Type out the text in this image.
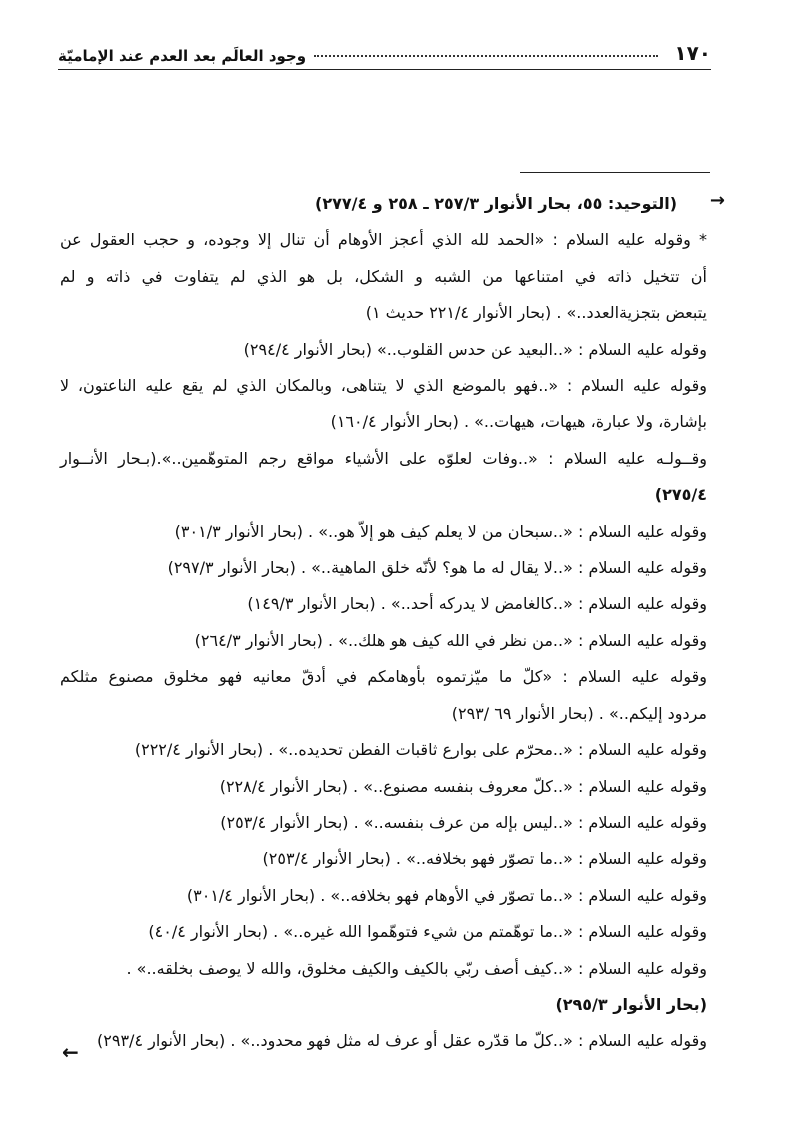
١٧٠
وجود العالَم بعد العدم عند الإماميّة
→
(التوحيد: ٥٥، بحار الأنوار ٢٥٧/٣ ـ ٢٥٨ و ٢٧٧/٤)
* وقوله عليه السلام : «الحمد لله الذي أعجز الأوهام أن تنال إلا وجوده، و حجب العقول عن
أن تتخيل ذاته في امتناعها من الشبه و الشكل، بل هو الذي لم يتفاوت في ذاته و لم
يتبعض بتجزيةالعدد..» . (بحار الأنوار ٢٢١/٤ حديث ١)
وقوله عليه السلام : «..البعيد عن حدس القلوب..» (بحار الأنوار ٢٩٤/٤)
وقوله عليه السلام : «..فهو بالموضع الذي لا يتناهى، وبالمكان الذي لم يقع عليه الناعتون، لا
بإشارة، ولا عبارة، هيهات، هيهات..» . (بحار الأنوار ١٦٠/٤)
وقــولـه عليه السلام : «..وفات لعلوّه على الأشياء مواقع رجم المتوهّمين..».(بـحار الأنــوار
٢٧٥/٤)
وقوله عليه السلام : «..سبحان من لا يعلم كيف هو إلاّ هو..» . (بحار الأنوار ٣٠١/٣)
وقوله عليه السلام : «..لا يقال له ما هو؟ لأنّه خلق الماهية..» . (بحار الأنوار ٢٩٧/٣)
وقوله عليه السلام : «..كالغامض لا يدركه أحد..» . (بحار الأنوار ١٤٩/٣)
وقوله عليه السلام : «..من نظر في الله كيف هو هلك..» . (بحار الأنوار ٢٦٤/٣)
وقوله عليه السلام : «كلّ ما ميّزتموه بأوهامكم في أدقّ معانيه فهو مخلوق مصنوع مثلكم
مردود إليكم..» . (بحار الأنوار ٦٩ /٢٩٣)
وقوله عليه السلام : «..محرّم على بوارع ثاقبات الفطن تحديده..» . (بحار الأنوار ٢٢٢/٤)
وقوله عليه السلام : «..كلّ معروف بنفسه مصنوع..» . (بحار الأنوار ٢٢٨/٤)
وقوله عليه السلام : «..ليس بإله من عرف بنفسه..» . (بحار الأنوار ٢٥٣/٤)
وقوله عليه السلام : «..ما تصوّر فهو بخلافه..» . (بحار الأنوار ٢٥٣/٤)
وقوله عليه السلام : «..ما تصوّر في الأوهام فهو بخلافه..» . (بحار الأنوار ٣٠١/٤)
وقوله عليه السلام : «..ما توهّمتم من شيء فتوهّموا الله غيره..» . (بحار الأنوار ٤٠/٤)
وقوله عليه السلام : «..كيف أصف ربّي بالكيف والكيف مخلوق، والله لا يوصف بخلقه..» .
(بحار الأنوار ٢٩٥/٣)
وقوله عليه السلام : «..كلّ ما قدّره عقل أو عرف له مثل فهو محدود..» . (بحار الأنوار ٢٩٣/٤)
←
